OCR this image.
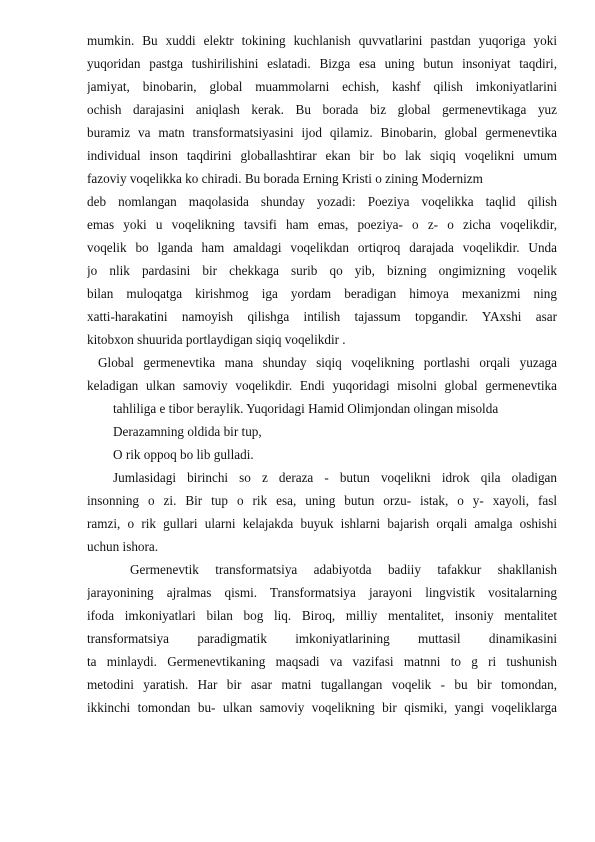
mumkin. Bu xuddi elektr tokining kuchlanish quvvatlarini pastdan yuqoriga yoki
yuqoridan pastga tushirilishini eslatadi. Bizga esa uning butun insoniyat taqdiri,
jamiyat, binobarin, global muammolarni echish, kashf qilish imkoniyatlarini
ochish darajasini aniqlash kerak. Bu borada biz global germenevtikaga yuz
buramiz va matn transformatsiyasini ijod qilamiz. Binobarin, global germenevtika
individual inson taqdirini globallashtirar ekan bir bo lak siqiq voqelikni umum
fazoviy voqelikka ko chiradi. Bu borada Erning Kristi o zining Modernizm
deb nomlangan maqolasida shunday yozadi: Poeziya voqelikka taqlid qilish
emas yoki u voqelikning tavsifi ham emas, poeziya- o z- o zicha voqelikdir,
voqelik bo lganda ham amaldagi voqelikdan ortiqroq darajada voqelikdir. Unda
jo nlik pardasini bir chekkaga surib qo yib, bizning ongimizning voqelik
bilan muloqatga kirishmog iga yordam beradigan himoya mexanizmi ning
xatti-harakatini namoyish qilishga intilish tajassum topgandir. YAxshi asar
kitobxon shuurida portlaydigan siqiq voqelikdir .
Global germenevtika mana shunday siqiq voqelikning portlashi orqali yuzaga
keladigan ulkan samoviy voqelikdir. Endi yuqoridagi misolni global germenevtika
tahliliga e tibor beraylik. Yuqoridagi Hamid Olimjondan olingan misolda
Derazamning oldida bir tup,
O rik oppoq bo lib gulladi.
Jumlasidagi birinchi so z deraza - butun voqelikni idrok qila oladigan
insonning o zi. Bir tup o rik esa, uning butun orzu- istak, o y- xayoli, fasl
ramzi, o rik gullari ularni kelajakda buyuk ishlarni bajarish orqali amalga oshishi
uchun ishora.
Germenevtik transformatsiya adabiyotda badiiy tafakkur shakllanish
jarayonining ajralmas qismi. Transformatsiya jarayoni lingvistik vositalarning
ifoda imkoniyatlari bilan bog liq. Biroq, milliy mentalitet, insoniy mentalitet
transformatsiya paradigmatik imkoniyatlarining muttasil dinamikasini
ta minlaydi. Germenevtikaning maqsadi va vazifasi matnni to g ri tushunish
metodini yaratish. Har bir asar matni tugallangan voqelik - bu bir tomondan,
ikkinchi tomondan bu- ulkan samoviy voqelikning bir qismiki, yangi voqeliklarga
